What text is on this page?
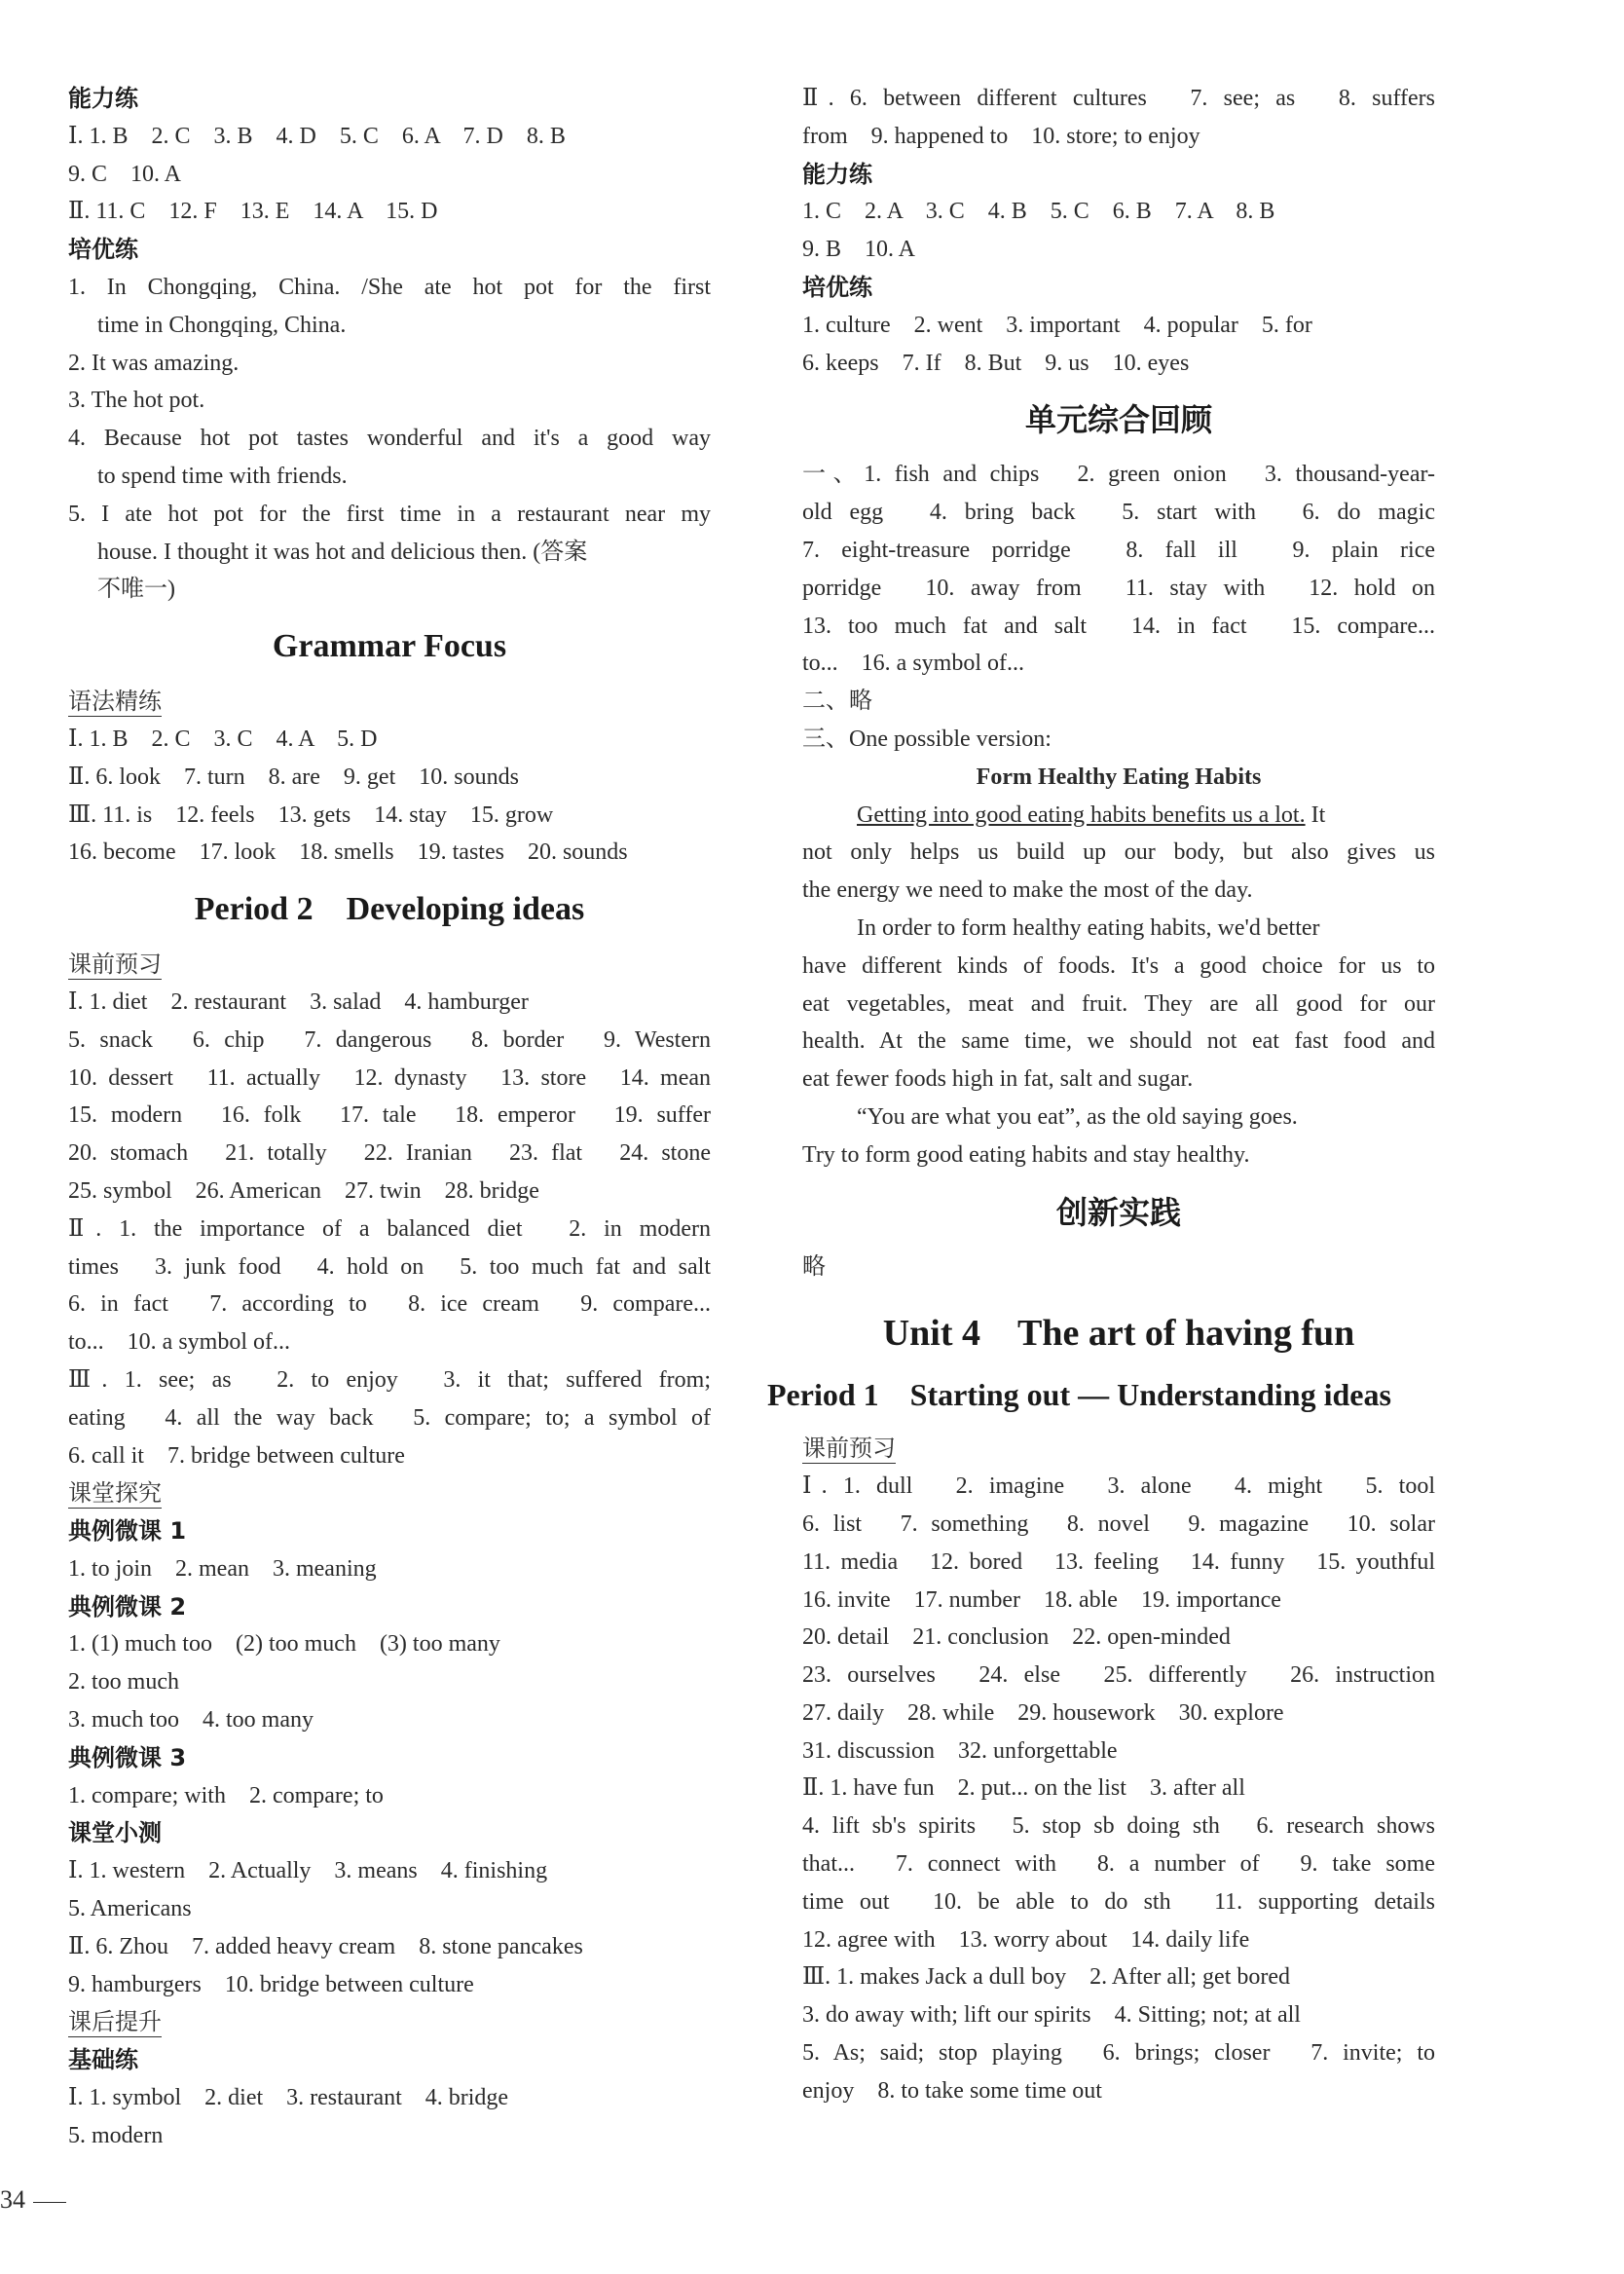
能力练
Ⅰ. 1. B　2. C　3. B　4. D　5. C　6. A　7. D　8. B
9. C　10. A
Ⅱ. 11. C　12. F　13. E　14. A　15. D
培优练
1. In Chongqing, China. /She ate hot pot for the first
time in Chongqing, China.
2. It was amazing.
3. The hot pot.
4. Because hot pot tastes wonderful and it's a good way
to spend time with friends.
5. I ate hot pot for the first time in a restaurant near my
house. I thought it was hot and delicious then. (答案
不唯一)
Grammar Focus
语法精练
Ⅰ. 1. B　2. C　3. C　4. A　5. D
Ⅱ. 6. look　7. turn　8. are　9. get　10. sounds
Ⅲ. 11. is　12. feels　13. gets　14. stay　15. grow
16. become　17. look　18. smells　19. tastes　20. sounds
Period 2　Developing ideas
课前预习
Ⅰ. 1. diet　2. restaurant　3. salad　4. hamburger
5. snack　6. chip　7. dangerous　8. border　9. Western
10. dessert　11. actually　12. dynasty　13. store　14. mean
15. modern　16. folk　17. tale　18. emperor　19. suffer
20. stomach　21. totally　22. Iranian　23. flat　24. stone
25. symbol　26. American　27. twin　28. bridge
Ⅱ. 1. the importance of a balanced diet　2. in modern
times　3. junk food　4. hold on　5. too much fat and salt
6. in fact　7. according to　8. ice cream　9. compare...
to...　10. a symbol of...
Ⅲ. 1. see; as　2. to enjoy　3. it that; suffered from;
eating　4. all the way back　5. compare; to; a symbol of
6. call it　7. bridge between culture
课堂探究
典例微课 1
1. to join　2. mean　3. meaning
典例微课 2
1. (1) much too　(2) too much　(3) too many
2. too much
3. much too　4. too many
典例微课 3
1. compare; with　2. compare; to
课堂小测
Ⅰ. 1. western　2. Actually　3. means　4. finishing
5. Americans
Ⅱ. 6. Zhou　7. added heavy cream　8. stone pancakes
9. hamburgers　10. bridge between culture
课后提升
基础练
Ⅰ. 1. symbol　2. diet　3. restaurant　4. bridge
5. modern
Ⅱ. 6. between different cultures　7. see; as　8. suffers
from　9. happened to　10. store; to enjoy
能力练
1. C　2. A　3. C　4. B　5. C　6. B　7. A　8. B
9. B　10. A
培优练
1. culture　2. went　3. important　4. popular　5. for
6. keeps　7. If　8. But　9. us　10. eyes
单元综合回顾
一、1. fish and chips　2. green onion　3. thousand-year-
old egg　4. bring back　5. start with　6. do magic
7. eight-treasure porridge　8. fall ill　9. plain rice
porridge　10. away from　11. stay with　12. hold on
13. too much fat and salt　14. in fact　15. compare...
to...　16. a symbol of...
二、略
三、One possible version:
Form Healthy Eating Habits
Getting into good eating habits benefits us a lot. It
not only helps us build up our body, but also gives us
the energy we need to make the most of the day.
In order to form healthy eating habits, we'd better
have different kinds of foods. It's a good choice for us to
eat vegetables, meat and fruit. They are all good for our
health. At the same time, we should not eat fast food and
eat fewer foods high in fat, salt and sugar.
“You are what you eat”, as the old saying goes.
Try to form good eating habits and stay healthy.
创新实践
略
Unit 4　The art of having fun
Period 1　Starting out — Understanding ideas
课前预习
Ⅰ. 1. dull　2. imagine　3. alone　4. might　5. tool
6. list　7. something　8. novel　9. magazine　10. solar
11. media　12. bored　13. feeling　14. funny　15. youthful
16. invite　17. number　18. able　19. importance
20. detail　21. conclusion　22. open-minded
23. ourselves　24. else　25. differently　26. instruction
27. daily　28. while　29. housework　30. explore
31. discussion　32. unforgettable
Ⅱ. 1. have fun　2. put... on the list　3. after all
4. lift sb's spirits　5. stop sb doing sth　6. research shows
that...　7. connect with　8. a number of　9. take some
time out　10. be able to do sth　11. supporting details
12. agree with　13. worry about　14. daily life
Ⅲ. 1. makes Jack a dull boy　2. After all; get bored
3. do away with; lift our spirits　4. Sitting; not; at all
5. As; said; stop playing　6. brings; closer　7. invite; to
enjoy　8. to take some time out
34
